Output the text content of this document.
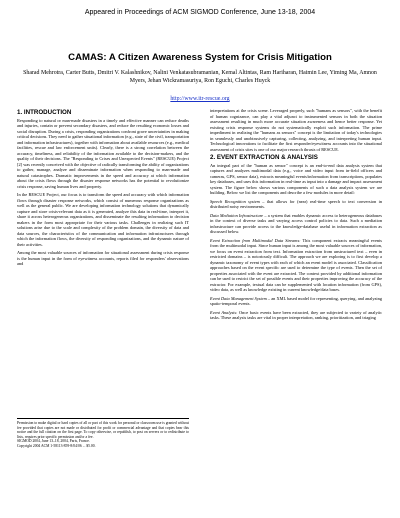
Appeared in Proceedings of ACM SIGMOD Conference, June 13-18, 2004
CAMAS: A Citizen Awareness System for Crisis Mitigation
Sharad Mehrotra, Carter Butts, Dmitri V. Kalashnikov, Nalini Venkatasubramanian, Kemal Altintas, Ram Hariharan, Haimin Lee, Yiming Ma, Amnon Myers, Jehan Wickramasuriya, Ron Eguchi, Charles Huyck
http://www.itr-rescue.org
1. INTRODUCTION

Responding to natural or man-made disasters in a timely and effective manner can reduce deaths and injuries, contain or prevent secondary disasters, and reduce the resulting economic losses and social disruption. During a crisis, responding organizations confront grave uncertainties in making critical decisions. They need to gather situational information (e.g., state of the civil, transportation and information infrastructures), together with information about available resources (e.g., medical facilities, rescue and law enforcement units). Clearly, there is a strong correlation between the accuracy, timeliness, and reliability of the information available to the decision-makers, and the quality of their decisions. The "Responding to Crises and Unexpected Events" (RESCUE) Project [2] was recently conceived with the objective of radically transforming the ability of organizations to gather, manage, analyze and disseminate information when responding to man-made and natural catastrophes. Dramatic improvements in the speed and accuracy at which information about the crisis flows through the disaster response networks has the potential to revolutionize crisis response, saving human lives and property.

In the RESCUE Project, our focus is to transform the speed and accuracy with which information flows through disaster response networks, which consist of numerous response organizations as well as the general public. We are developing information technology solutions that dynamically capture and store crisis-relevant data as it is generated, analyze this data in real-time, interpret it, share it across heterogeneous organizations, and disseminate the resulting information to decision makers in the form most appropriate for their various tasks. Challenges in realizing such IT solutions arise due to the scale and complexity of the problem domain, the diversity of data and data sources, the characteristics of the communication and information infrastructures through which the information flows, the diversity of responding organizations, and the dynamic nature of their activities.

Among the most valuable sources of information for situational assessment during crisis response is the human input in the form of eyewitness accounts, reports filed for responders' observations and

Permission to make digital or hard copies of all or part of this work for personal or classroom use is granted without fee provided that copies are not made or distributed for profit or commercial advantage and that copies bear this notice and the full citation on the first page. To copy otherwise, or republish, to post on servers or to redistribute to lists, requires prior specific permission and/or a fee.
SIGMOD 2004, June 13–18, 2004, Paris, France.
Copyright 2004 ACM 1-58113-859-8/04/06 ... $5.00.

interpretations at the crisis scene. Leveraged properly, such "humans as sensors", with the benefit of human cognizance, can play a vital adjunct to instrumented sensors in both the situation assessment resulting in much more accurate situation awareness and hence better response. Yet existing crisis response systems do not systematically exploit such information. The prime impediment in realizing the "humans as sensors" concept is the limitation of today's technologies in seamlessly and unobtrusively capturing, collecting, analyzing, and interpreting human input. Technological innovations to facilitate the first responder/eyewitness accounts into the situational assessment of crisis sites is one of our major research thrusts of RESCUE.

2. EVENT EXTRACTION & ANALYSIS

An integral part of the "human as sensor" concept is an end-to-end data analysis system that captures and analyzes multimodal data (e.g., voice and video input from in-field officers and cameras, GPS, sensor data), extracts meaningful events/information from transcriptions, populates key databases, and uses this information in real-time as input into a damage and impact assessment system. The figure below shows various components of such a data analysis system we are building. Below we list the components and describe a few modules in more detail:

Speech Recognition system – that allows for (near) real-time speech to text conversion in distributed noisy environments.

Data Mediation Infrastructure – a system that enables dynamic access to heterogeneous databases in the context of diverse tasks and varying access control policies to data. Such a mediation infrastructure can provide access to the knowledge-database useful in information extraction as discussed below.

Event Extraction from Multimodal Data Streams: This component extracts meaningful events from the multimodal input. Since human input is among the most valuable sources of information, we focus on event extraction from text. Information extraction from unstructured text – even in restricted domains – is notoriously difficult. The approach we are exploring is to first develop a dynamic taxonomy of event types with each of which an event model is associated. Classification approaches based on the event specific are used to determine the type of events. Then the set of properties associated with the event are extracted. The context provided by additional information can be used to restrict the set of possible events and their properties improving the accuracy of the extractor. For example, textual data can be supplemented with location information (from GPS), video data, as well as knowledge existing in current knowledge/data bases.

Event Data Management System – an XML based model for representing, querying, and analyzing spatio-temporal events.

Event Analysis: Once basic events have been extracted, they are subjected to variety of analytic tasks. These analysis tasks are vital in proper interpretation, ranking, prioritization, and triaging
